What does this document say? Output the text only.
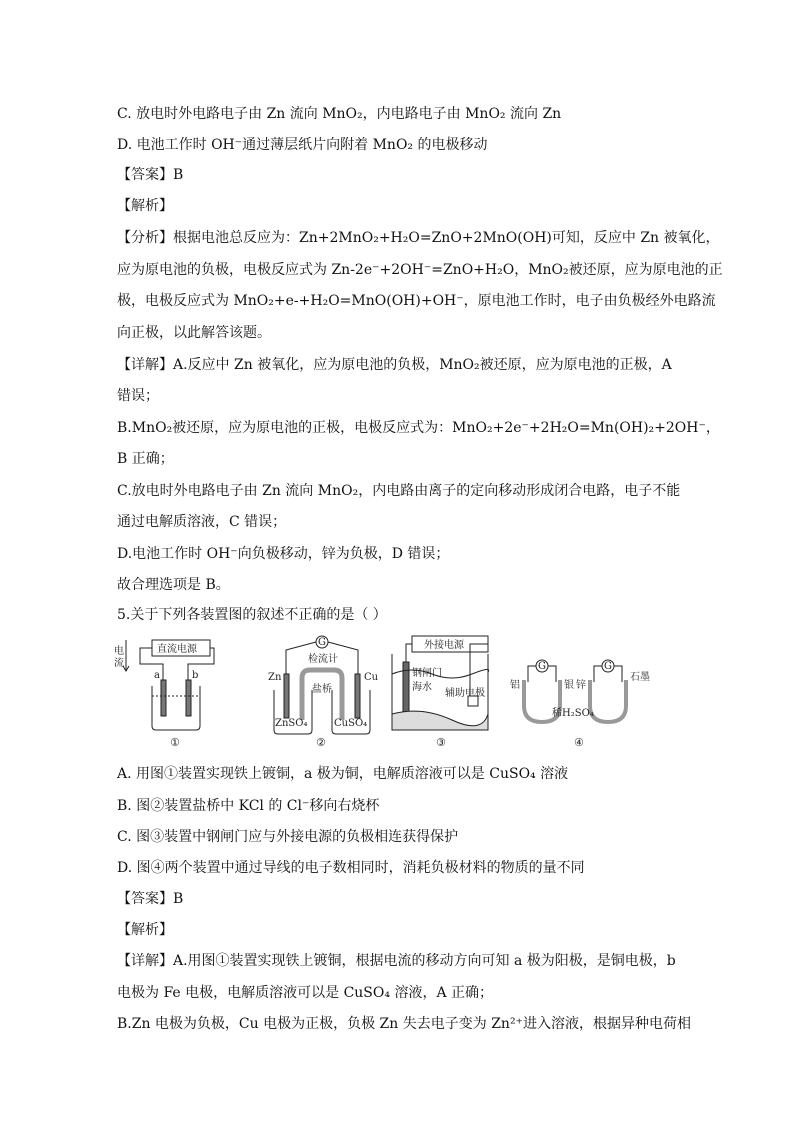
C. 放电时外电路电子由 Zn 流向 MnO₂，内电路电子由 MnO₂ 流向 Zn
D. 电池工作时 OH⁻通过薄层纸片向附着 MnO₂ 的电极移动
【答案】B
【解析】
【分析】根据电池总反应为：Zn+2MnO₂+H₂O=ZnO+2MnO(OH)可知，反应中 Zn 被氧化，
应为原电池的负极，电极反应式为 Zn-2e⁻+2OH⁻=ZnO+H₂O，MnO₂被还原，应为原电池的正
极，电极反应式为 MnO₂+e-+H₂O=MnO(OH)+OH⁻，原电池工作时，电子由负极经外电路流
向正极，以此解答该题。
【详解】A.反应中 Zn 被氧化，应为原电池的负极，MnO₂被还原，应为原电池的正极，A
错误；
B.MnO₂被还原，应为原电池的正极，电极反应式为：MnO₂+2e⁻+2H₂O=Mn(OH)₂+2OH⁻，
B 正确；
C.放电时外电路电子由 Zn 流向 MnO₂，内电路由离子的定向移动形成闭合电路，电子不能
通过电解质溶液，C 错误；
D.电池工作时 OH⁻向负极移动，锌为负极，D 错误；
故合理选项是 B。
5.关于下列各装置图的叙述不正确的是（ ）
电
流
直流电源
a	b
①
G
检流计
Zn	Cu
盐桥
ZnSO₄	CuSO₄
②
外接电源
钢闸门
海水
辅助电极
③
G	G
铝	银 锌
石墨
稀H₂SO₄
④
A. 用图①装置实现铁上镀铜，a 极为铜，电解质溶液可以是 CuSO₄ 溶液
B. 图②装置盐桥中 KCl 的 Cl⁻移向右烧杯
C. 图③装置中钢闸门应与外接电源的负极相连获得保护
D. 图④两个装置中通过导线的电子数相同时，消耗负极材料的物质的量不同
【答案】B
【解析】
【详解】A.用图①装置实现铁上镀铜，根据电流的移动方向可知 a 极为阳极，是铜电极，b
电极为 Fe 电极，电解质溶液可以是 CuSO₄ 溶液，A 正确；
B.Zn 电极为负极，Cu 电极为正极，负极 Zn 失去电子变为 Zn²⁺进入溶液，根据异种电荷相
